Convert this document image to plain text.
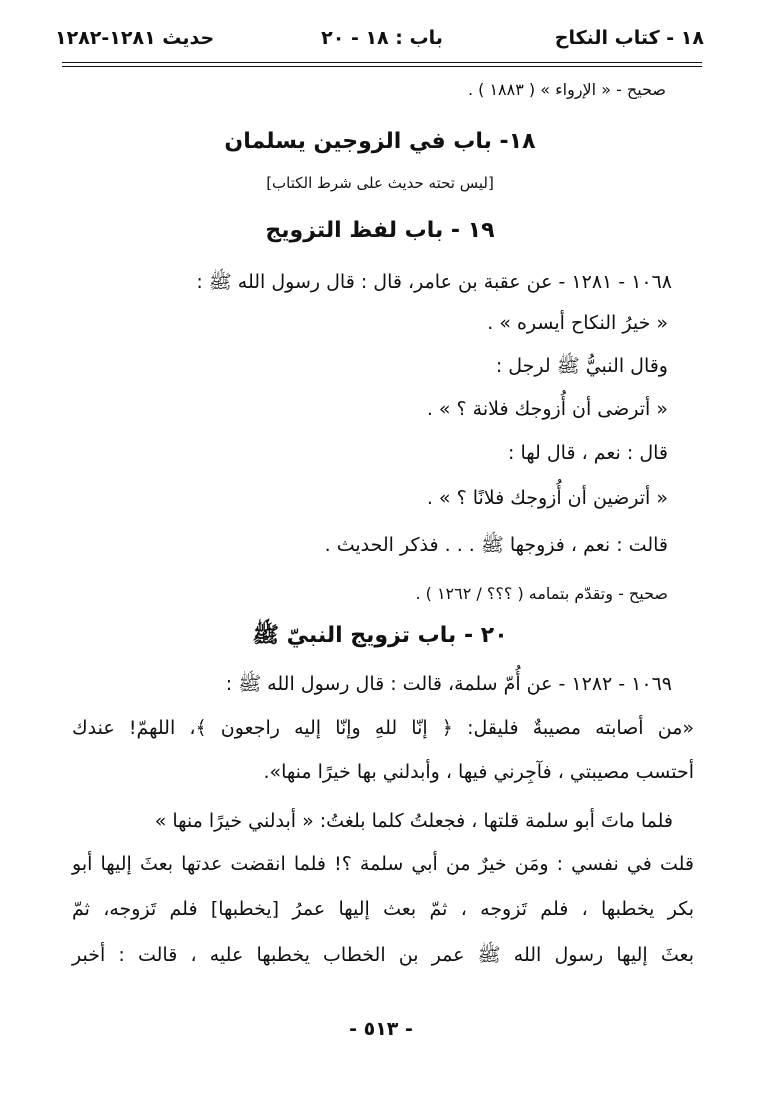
١٨ - كتاب النكاح
باب : ١٨ - ٢٠
حديث ١٢٨١-١٢٨٢
صحيح - « الإرواء » ( ١٨٨٣ ) .
١٨- باب في الزوجين يسلمان
[ليس تحته حديث على شرط الكتاب]
١٩ - باب لفظ التزويج
١٠٦٨ - ١٢٨١ - عن عقبة بن عامر، قال : قال رسول الله ﷺ :
« خيرُ النكاح أيسره » .
وقال النبيُّ ﷺ لرجل :
« أترضى أن أُزوجك فلانة ؟ » .
قال : نعم ، قال لها :
« أترضين أن أُزوجك فلانًا ؟ » .
قالت : نعم ، فزوجها ﷺ . . . فذكر الحديث .
صحيح - وتقدّم بتمامه ( ؟؟؟ / ١٢٦٢ ) .
٢٠ - باب تزويج النبيّ ﷺ
١٠٦٩ - ١٢٨٢ - عن أُمّ سلمة، قالت : قال رسول الله ﷺ :
«من أصابته مصيبةٌ فليقل: ﴿ إنّا للهِ وإنّا إليه راجعون ﴾، اللهمّ! عندك
أحتسب مصيبتي ، فآجِرني فيها ، وأبدلني بها خيرًا منها».
فلما ماتَ أبو سلمة قلتها ، فجعلتُ كلما بلغتُ: « أبدلني خيرًا منها »
قلت في نفسي : ومَن خيرٌ من أبي سلمة ؟! فلما انقضت عدتها بعثَ إليها أبو
بكر يخطبها ، فلم تَزوجه ، ثمّ بعث إليها عمرُ [يخطبها] فلم تَزوجه، ثمّ
بعثَ إليها رسول الله ﷺ عمر بن الخطاب يخطبها عليه ، قالت : أخبر
- ٥١٣ -
